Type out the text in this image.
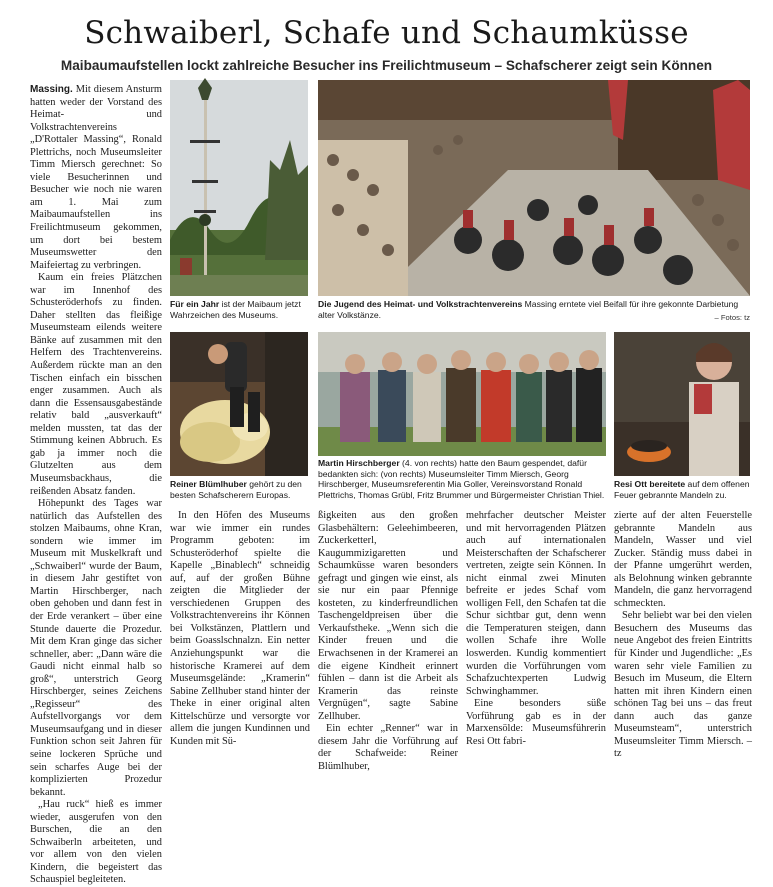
Schwaiberl, Schafe und Schaumküsse
Maibaumaufstellen lockt zahlreiche Besucher ins Freilichtmuseum – Schafscherer zeigt sein Können

Massing. Mit diesem Ansturm hatten weder der Vorstand des Heimat- und Volkstrachtenvereins „D'Rottaler Massing“, Ronald Plettrichs, noch Museumsleiter Timm Miersch gerechnet: So viele Besucherinnen und Besucher wie noch nie waren am 1. Mai zum Maibaumaufstellen ins Freilichtmuseum gekommen, um dort bei bestem Museumswetter den Maifeiertag zu verbringen.

Kaum ein freies Plätzchen war im Innenhof des Schusteröderhofs zu finden. Daher stellten das fleißige Museumsteam eilends weitere Bänke auf zusammen mit den Helfern des Trachtenvereins. Außerdem rückte man an den Tischen einfach ein bisschen enger zusammen. Auch als dann die Essensausgabestände relativ bald „ausverkauft“ melden mussten, tat das der Stimmung keinen Abbruch. Es gab ja immer noch die Glutzelten aus dem Museumsbackhaus, die reißenden Absatz fanden.

Höhepunkt des Tages war natürlich das Aufstellen des stolzen Maibaums, ohne Kran, sondern wie immer im Museum mit Muskelkraft und „Schwaiberl“ wurde der Baum, in diesem Jahr gestiftet von Martin Hirschberger, nach oben gehoben und dann fest in der Erde verankert – über eine Stunde dauerte die Prozedur. Mit dem Kran ginge das sicher schneller, aber: „Dann wäre die Gaudi nicht einmal halb so groß“, unterstrich Georg Hirschberger, seines Zeichens „Regisseur“ des Aufstellvorgangs vor dem Museumsaufgang und in dieser Funktion schon seit Jahren für seine lockeren Sprüche und sein scharfes Auge bei der komplizierten Prozedur bekannt.

„Hau ruck“ hieß es immer wieder, ausgerufen von den Burschen, die an den Schwaiberln arbeiteten, und vor allem von den vielen Kindern, die begeistert das Schauspiel begleiteten.

Für ein Jahr ist der Maibaum jetzt Wahrzeichen des Museums.
Die Jugend des Heimat- und Volkstrachtenvereins Massing erntete viel Beifall für ihre gekonnte Darbietung alter Volkstänze.	– Fotos: tz
Reiner Blümlhuber gehört zu den besten Schafscherern Europas.
Martin Hirschberger (4. von rechts) hatte den Baum gespendet, dafür bedankten sich: (von rechts) Museumsleiter Timm Miersch, Georg Hirschberger, Museumsreferentin Mia Goller, Vereinsvorstand Ronald Plettrichs, Thomas Grübl, Fritz Brummer und Bürgermeister Christian Thiel.
Resi Ott bereitete auf dem offenen Feuer gebrannte Mandeln zu.

In den Höfen des Museums war wie immer ein rundes Programm geboten: im Schusteröderhof spielte die Kapelle „Binablech“ schneidig auf, auf der großen Bühne zeigten die Mitglieder der verschiedenen Gruppen des Volkstrachtenvereins ihr Können bei Volkstänzen, Plattlern und beim Goasslschnalzn. Ein netter Anziehungspunkt war die historische Kramerei auf dem Museumsgelände: „Kramerin“ Sabine Zellhuber stand hinter der Theke in einer original alten Kittelschürze und versorgte vor allem die jungen Kundinnen und Kunden mit Sü-

ßigkeiten aus den großen Glasbehältern: Geleehimbeeren, Zuckerketterl, Kaugummizigaretten und Schaumküsse waren besonders gefragt und gingen wie einst, als sie nur ein paar Pfennige kosteten, zu kinderfreundlichen Taschengeldpreisen über die Verkaufstheke. „Wenn sich die Kinder freuen und die Erwachsenen in der Kramerei an die eigene Kindheit erinnert fühlen – dann ist die Arbeit als Kramerin das reinste Vergnügen“, sagte Sabine Zellhuber.

Ein echter „Renner“ war in diesem Jahr die Vorführung auf der Schafweide: Reiner Blümlhuber,

mehrfacher deutscher Meister und mit hervorragenden Plätzen auch auf internationalen Meisterschaften der Schafscherer vertreten, zeigte sein Können. In nicht einmal zwei Minuten befreite er jedes Schaf vom wolligen Fell, den Schafen tat die Schur sichtbar gut, denn wenn die Temperaturen steigen, dann wollen Schafe ihre Wolle loswerden. Kundig kommentiert wurden die Vorführungen vom Schafzuchtexperten Ludwig Schwinghammer.

Eine besonders süße Vorführung gab es in der Marxensölde: Museumsführerin Resi Ott fabri-

zierte auf der alten Feuerstelle gebrannte Mandeln aus Mandeln, Wasser und viel Zucker. Ständig muss dabei in der Pfanne umgerührt werden, als Belohnung winken gebrannte Mandeln, die ganz hervorragend schmeckten.

Sehr beliebt war bei den vielen Besuchern des Museums das neue Angebot des freien Eintritts für Kinder und Jugendliche: „Es waren sehr viele Familien zu Besuch im Museum, die Eltern hatten mit ihren Kindern einen schönen Tag bei uns – das freut dann auch das ganze Museumsteam“, unterstrich Museumsleiter Timm Miersch. – tz
